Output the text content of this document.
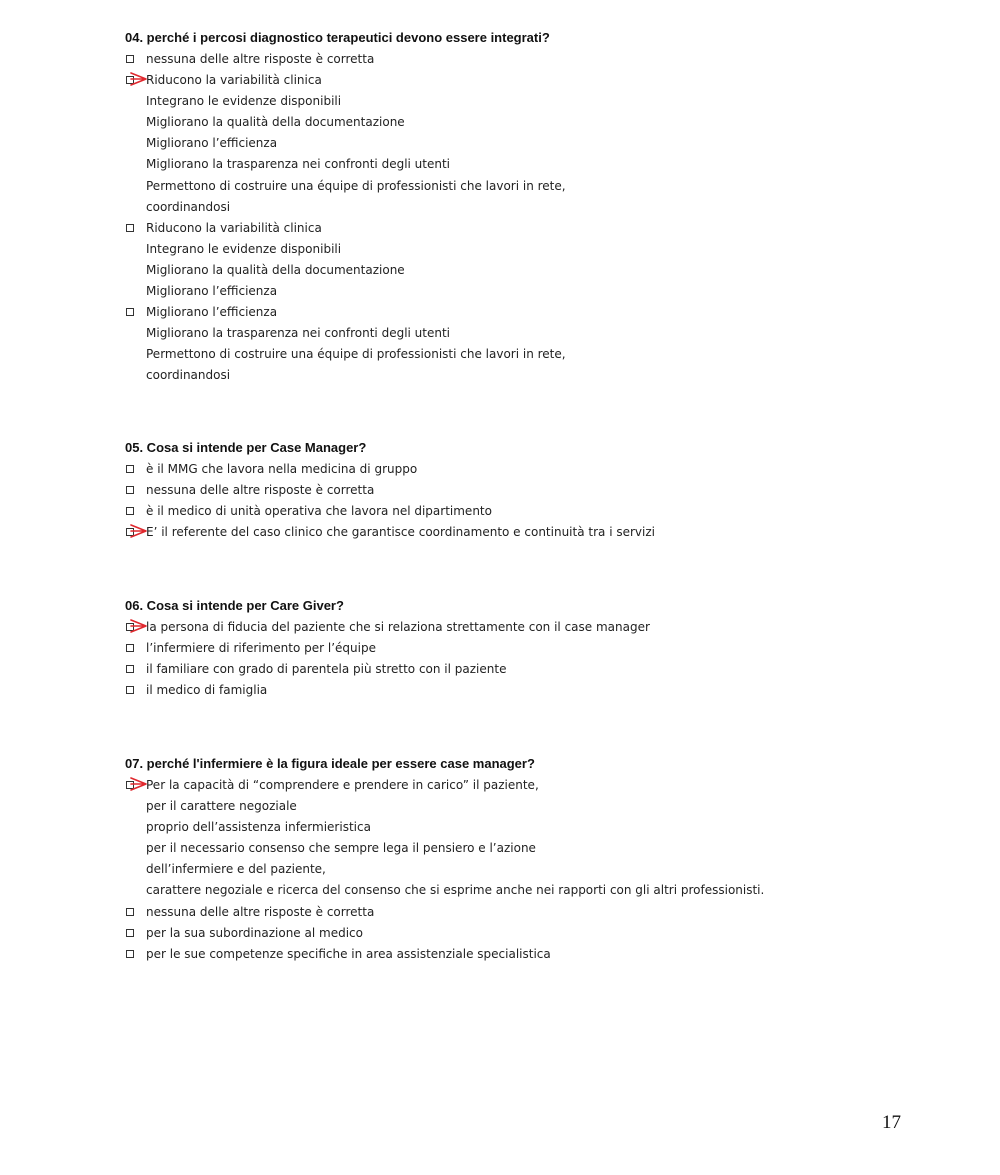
04. perché i percosi diagnostico terapeutici devono essere integrati?
nessuna delle altre risposte è corretta
Riducono la variabilità clinica
Integrano le evidenze disponibili
Migliorano la qualità della documentazione
Migliorano l’efficienza
Migliorano la trasparenza nei confronti degli utenti
Permettono di costruire una équipe di professionisti che lavori in rete,
coordinandosi
Riducono la variabilità clinica
Integrano le evidenze disponibili
Migliorano la qualità della documentazione
Migliorano l’efficienza
Migliorano l’efficienza
Migliorano la trasparenza nei confronti degli utenti
Permettono di costruire una équipe di professionisti che lavori in rete,
coordinandosi
05. Cosa si intende per Case Manager?
è il MMG che lavora nella medicina di gruppo
nessuna delle altre risposte è corretta
è il medico di unità operativa che lavora nel dipartimento
E’ il referente del caso clinico che garantisce coordinamento e continuità tra i servizi
06. Cosa si intende per Care Giver?
la persona di fiducia del paziente che si relaziona strettamente con il case manager
l’infermiere di riferimento per l’équipe
il familiare con grado di parentela più stretto con il paziente
il medico di famiglia
07. perché l'infermiere è la figura ideale per essere case manager?
Per la capacità di “comprendere e prendere in carico” il paziente,
per il carattere negoziale
proprio dell’assistenza infermieristica
per il necessario consenso che sempre lega il pensiero e l’azione
dell’infermiere e del paziente,
carattere negoziale e ricerca del consenso che si esprime anche nei rapporti con gli altri professionisti.
nessuna delle altre risposte è corretta
per la sua subordinazione al medico
per le sue competenze specifiche in area assistenziale specialistica
17
